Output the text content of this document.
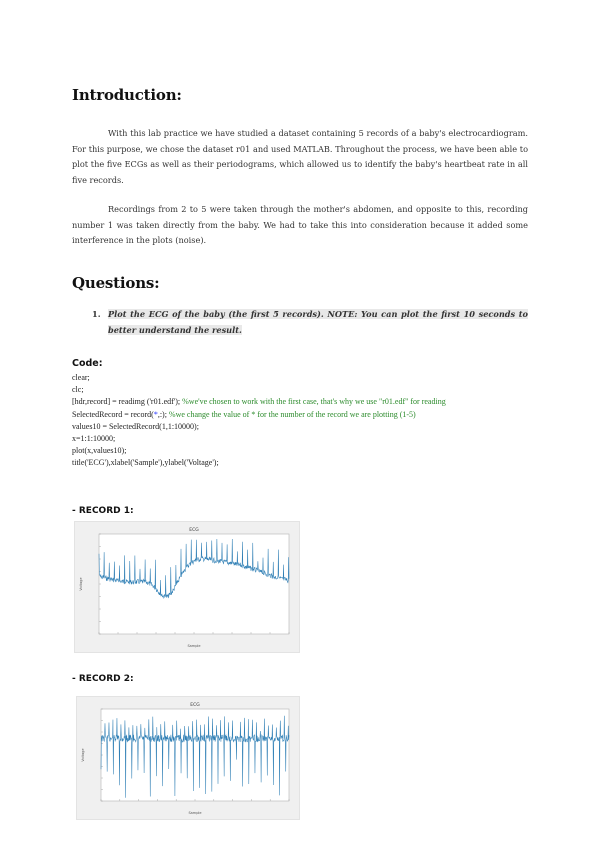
Introduction:

With this lab practice we have studied a dataset containing 5 records of a baby's electrocardiogram. For this purpose, we chose the dataset r01 and used MATLAB. Throughout the process, we have been able to plot the five ECGs as well as their periodograms, which allowed us to identify the baby's heartbeat rate in all five records.

Recordings from 2 to 5 were taken through the mother's abdomen, and opposite to this, recording number 1 was taken directly from the baby. We had to take this into consideration because it added some interference in the plots (noise).

Questions:
1. Plot the ECG of the baby (the first 5 records). NOTE: You can plot the first 10 seconds to better understand the result.

Code:

clear;
clc;
[hdr,record] = readimg ('r01.edf'); %we've chosen to work with the first case, that's why we use "r01.edf" for reading
SelectedRecord = record(*,:); %we change the value of * for the number of the record we are plotting (1-5)
values10 = SelectedRecord(1,1:10000);
x=1:1:10000;
plot(x,values10);
title('ECG'),xlabel('Sample'),ylabel('Voltage');

- RECORD 1:

ECG
Sample
Voltage

- RECORD 2:

ECG
Sample
Voltage
